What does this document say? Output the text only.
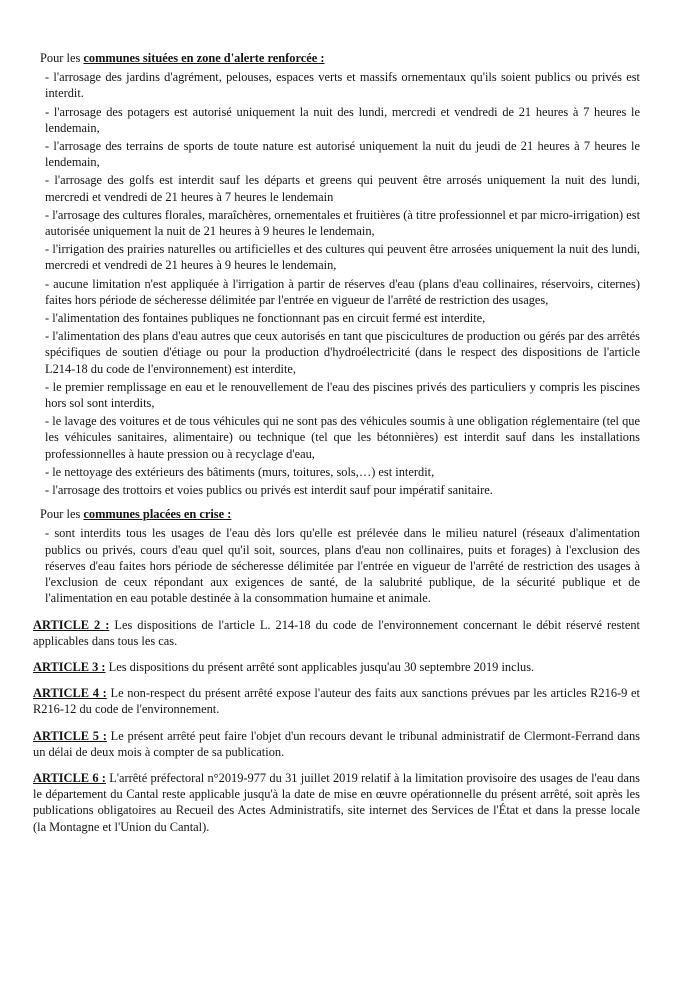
Pour les communes situées en zone d'alerte renforcée :
- l'arrosage des jardins d'agrément, pelouses, espaces verts et massifs ornementaux qu'ils soient publics ou privés est interdit.
- l'arrosage des potagers est autorisé uniquement la nuit des lundi, mercredi et vendredi de 21 heures à 7 heures le lendemain,
- l'arrosage des terrains de sports de toute nature est autorisé uniquement la nuit du jeudi de 21 heures à 7 heures le lendemain,
- l'arrosage des golfs est interdit sauf les départs et greens qui peuvent être arrosés uniquement la nuit des lundi, mercredi et vendredi de 21 heures à 7 heures le lendemain
- l'arrosage des cultures florales, maraîchères, ornementales et fruitières (à titre professionnel et par micro-irrigation) est autorisée uniquement la nuit de 21 heures à 9 heures le lendemain,
- l'irrigation des prairies naturelles ou artificielles et des cultures qui peuvent être arrosées uniquement la nuit des lundi, mercredi et vendredi de 21 heures à 9 heures le lendemain,
- aucune limitation n'est appliquée à l'irrigation à partir de réserves d'eau (plans d'eau collinaires, réservoirs, citernes) faites hors période de sécheresse délimitée par l'entrée en vigueur de l'arrêté de restriction des usages,
- l'alimentation des fontaines publiques ne fonctionnant pas en circuit fermé est interdite,
- l'alimentation des plans d'eau autres que ceux autorisés en tant que piscicultures de production ou gérés par des arrêtés spécifiques de soutien d'étiage ou pour la production d'hydroélectricité (dans le respect des dispositions de l'article L214-18 du code de l'environnement) est interdite,
- le premier remplissage en eau et le renouvellement de l'eau des piscines privés des particuliers y compris les piscines hors sol sont interdits,
- le lavage des voitures et de tous véhicules qui ne sont pas des véhicules soumis à une obligation réglementaire (tel que les véhicules sanitaires, alimentaire) ou technique (tel que les bétonnières) est interdit sauf dans les installations professionnelles à haute pression ou à recyclage d'eau,
- le nettoyage des extérieurs des bâtiments (murs, toitures, sols,…) est interdit,
- l'arrosage des trottoirs et voies publics ou privés est interdit sauf pour impératif sanitaire.
Pour les communes placées en crise :
- sont interdits tous les usages de l'eau dès lors qu'elle est prélevée dans le milieu naturel (réseaux d'alimentation publics ou privés, cours d'eau quel qu'il soit, sources, plans d'eau non collinaires, puits et forages) à l'exclusion des réserves d'eau faites hors période de sécheresse délimitée par l'entrée en vigueur de l'arrêté de restriction des usages à l'exclusion de ceux répondant aux exigences de santé, de la salubrité publique, de la sécurité publique et de l'alimentation en eau potable destinée à la consommation humaine et animale.
ARTICLE 2 : Les dispositions de l'article L. 214-18 du code de l'environnement concernant le débit réservé restent applicables dans tous les cas.
ARTICLE 3 : Les dispositions du présent arrêté sont applicables jusqu'au 30 septembre 2019 inclus.
ARTICLE 4 : Le non-respect du présent arrêté expose l'auteur des faits aux sanctions prévues par les articles R216-9 et R216-12 du code de l'environnement.
ARTICLE 5 : Le présent arrêté peut faire l'objet d'un recours devant le tribunal administratif de Clermont-Ferrand dans un délai de deux mois à compter de sa publication.
ARTICLE 6 : L'arrêté préfectoral n°2019-977 du 31 juillet 2019 relatif à la limitation provisoire des usages de l'eau dans le département du Cantal reste applicable jusqu'à la date de mise en œuvre opérationnelle du présent arrêté, soit après les publications obligatoires au Recueil des Actes Administratifs, site internet des Services de l'État et dans la presse locale (la Montagne et l'Union du Cantal).
